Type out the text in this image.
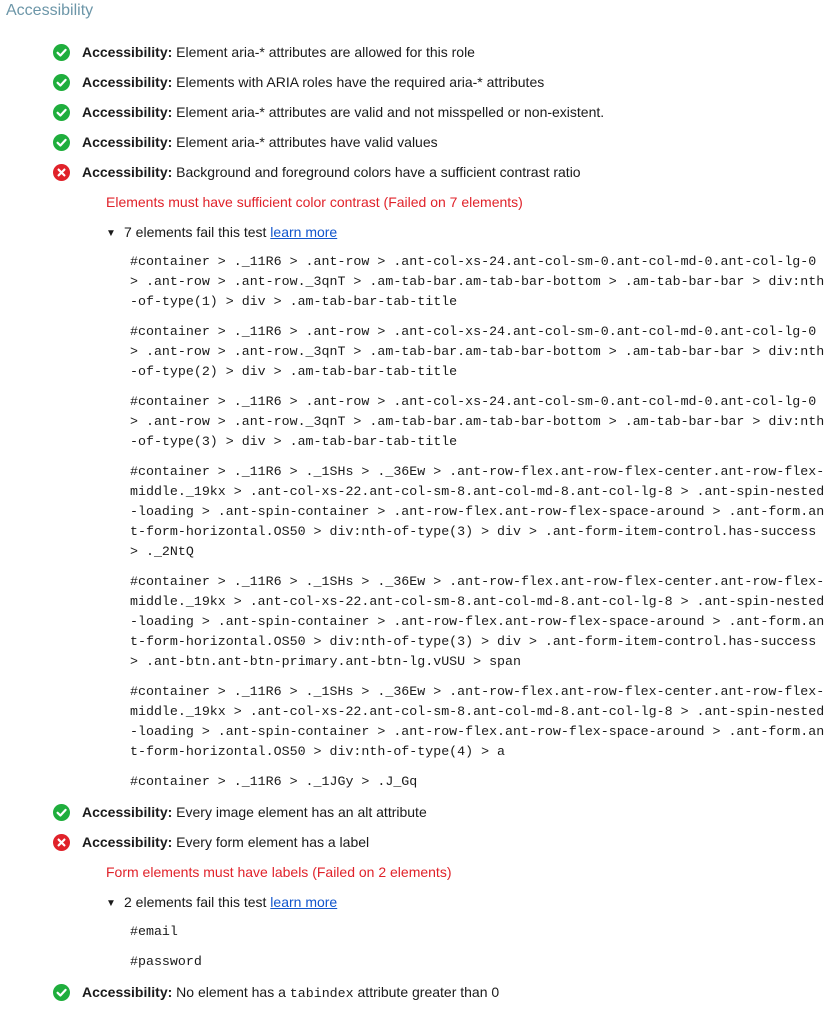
Accessibility
Accessibility: Element aria-* attributes are allowed for this role
Accessibility: Elements with ARIA roles have the required aria-* attributes
Accessibility: Element aria-* attributes are valid and not misspelled or non-existent.
Accessibility: Element aria-* attributes have valid values
Accessibility: Background and foreground colors have a sufficient contrast ratio
Elements must have sufficient color contrast (Failed on 7 elements)
▼ 7 elements fail this test learn more
#container > ._11R6 > .ant-row > .ant-col-xs-24.ant-col-sm-0.ant-col-md-0.ant-col-lg-0 > .ant-row > .ant-row._3qnT > .am-tab-bar.am-tab-bar-bottom > .am-tab-bar-bar > div:nth-of-type(1) > div > .am-tab-bar-tab-title
#container > ._11R6 > .ant-row > .ant-col-xs-24.ant-col-sm-0.ant-col-md-0.ant-col-lg-0 > .ant-row > .ant-row._3qnT > .am-tab-bar.am-tab-bar-bottom > .am-tab-bar-bar > div:nth-of-type(2) > div > .am-tab-bar-tab-title
#container > ._11R6 > .ant-row > .ant-col-xs-24.ant-col-sm-0.ant-col-md-0.ant-col-lg-0 > .ant-row > .ant-row._3qnT > .am-tab-bar.am-tab-bar-bottom > .am-tab-bar-bar > div:nth-of-type(3) > div > .am-tab-bar-tab-title
#container > ._11R6 > ._1SHs > ._36Ew > .ant-row-flex.ant-row-flex-center.ant-row-flex-middle._19kx > .ant-col-xs-22.ant-col-sm-8.ant-col-md-8.ant-col-lg-8 > .ant-spin-nested-loading > .ant-spin-container > .ant-row-flex.ant-row-flex-space-around > .ant-form.ant-form-horizontal.OS50 > div:nth-of-type(3) > div > .ant-form-item-control.has-success > ._2NtQ
#container > ._11R6 > ._1SHs > ._36Ew > .ant-row-flex.ant-row-flex-center.ant-row-flex-middle._19kx > .ant-col-xs-22.ant-col-sm-8.ant-col-md-8.ant-col-lg-8 > .ant-spin-nested-loading > .ant-spin-container > .ant-row-flex.ant-row-flex-space-around > .ant-form.ant-form-horizontal.OS50 > div:nth-of-type(3) > div > .ant-form-item-control.has-success > .ant-btn.ant-btn-primary.ant-btn-lg.vUSU > span
#container > ._11R6 > ._1SHs > ._36Ew > .ant-row-flex.ant-row-flex-center.ant-row-flex-middle._19kx > .ant-col-xs-22.ant-col-sm-8.ant-col-md-8.ant-col-lg-8 > .ant-spin-nested-loading > .ant-spin-container > .ant-row-flex.ant-row-flex-space-around > .ant-form.ant-form-horizontal.OS50 > div:nth-of-type(4) > a
#container > ._11R6 > ._1JGy > .J_Gq
Accessibility: Every image element has an alt attribute
Accessibility: Every form element has a label
Form elements must have labels (Failed on 2 elements)
▼ 2 elements fail this test learn more
#email
#password
Accessibility: No element has a tabindex attribute greater than 0
